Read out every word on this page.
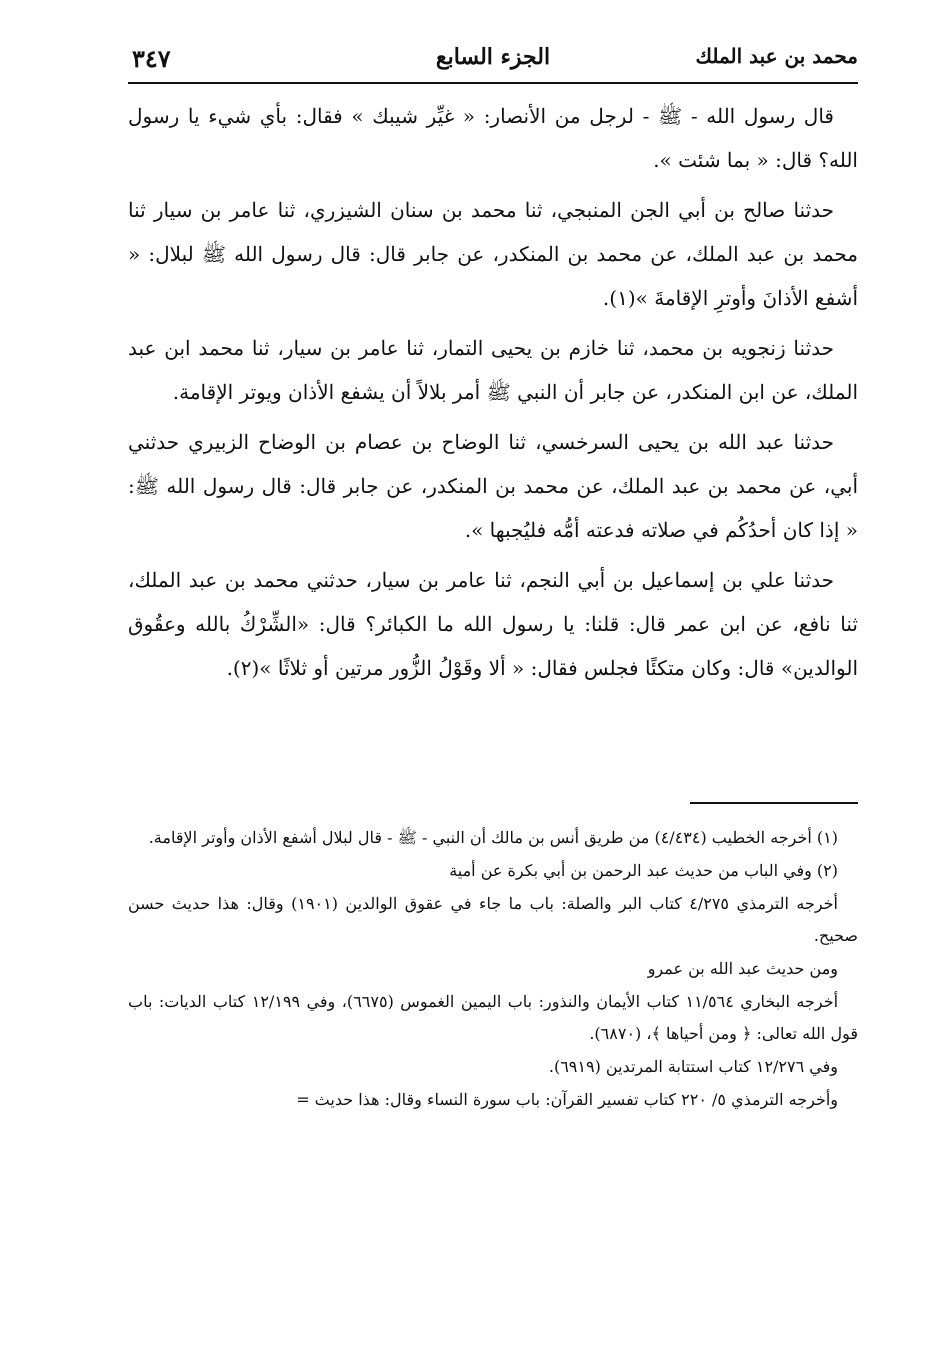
محمد بن عبد الملك
الجزء السابع
٣٤٧

قال رسول الله - ﷺ - لرجل من الأنصار: « غيِّر شيبك » فقال: بأي شيء يا رسول الله؟ قال: « بما شئت ».

حدثنا صالح بن أبي الجن المنبجي، ثنا محمد بن سنان الشيزري، ثنا عامر بن سيار ثنا محمد بن عبد الملك، عن محمد بن المنكدر، عن جابر قال: قال رسول الله ﷺ لبلال: « أشفع الأذانَ وأوترِ الإقامةَ »(١).

حدثنا زنجويه بن محمد، ثنا خازم بن يحيى التمار، ثنا عامر بن سيار، ثنا محمد ابن عبد الملك، عن ابن المنكدر، عن جابر أن النبي ﷺ أمر بلالاً أن يشفع الأذان ويوتر الإقامة.

حدثنا عبد الله بن يحيى السرخسي، ثنا الوضاح بن عصام بن الوضاح الزبيري حدثني أبي، عن محمد بن عبد الملك، عن محمد بن المنكدر، عن جابر قال: قال رسول الله ﷺ: « إذا كان أحدُكُم في صلاته فدعته أمُّه فليُجبها ».

حدثنا علي بن إسماعيل بن أبي النجم، ثنا عامر بن سيار، حدثني محمد بن عبد الملك، ثنا نافع، عن ابن عمر قال: قلنا: يا رسول الله ما الكبائر؟ قال: «الشِّرْكُ بالله وعقُوق الوالدين» قال: وكان متكئًا فجلس فقال: « ألا وقَوْلُ الزُّور مرتين أو ثلاثًا »(٢).

(١) أخرجه الخطيب (٤/٤٣٤) من طريق أنس بن مالك أن النبي - ﷺ - قال لبلال أشفع الأذان وأوتر الإقامة.

(٢) وفي الباب من حديث عبد الرحمن بن أبي بكرة عن أمية

أخرجه الترمذي ٤/٢٧٥ كتاب البر والصلة: باب ما جاء في عقوق الوالدين (١٩٠١) وقال: هذا حديث حسن صحيح.

ومن حديث عبد الله بن عمرو

أخرجه البخاري ١١/٥٦٤ كتاب الأيمان والنذور: باب اليمين الغموس (٦٦٧٥)، وفي ١٢/١٩٩ كتاب الديات: باب قول الله تعالى: ﴿ ومن أحياها ﴾، (٦٨٧٠).

وفي ١٢/٢٧٦ كتاب استتابة المرتدين (٦٩١٩).

وأخرجه الترمذي ٥/ ٢٢٠ كتاب تفسير القرآن: باب سورة النساء وقال: هذا حديث =
